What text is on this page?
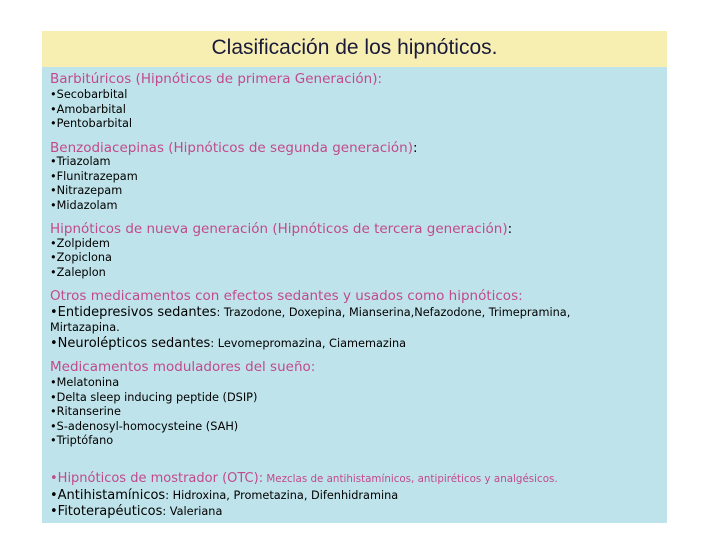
Clasificación de los hipnóticos.
Barbitúricos (Hipnóticos de primera Generación):
•Secobarbital
•Amobarbital
•Pentobarbital
Benzodiacepinas (Hipnóticos de segunda generación):
•Triazolam
•Flunitrazepam
•Nitrazepam
•Midazolam
Hipnóticos de nueva generación (Hipnóticos de tercera generación):
•Zolpidem
•Zopiclona
•Zaleplon
Otros medicamentos con efectos sedantes y usados como hipnóticos:
•Entidepresivos sedantes: Trazodone, Doxepina, Mianserina,Nefazodone, Trimepramina,
Mirtazapina.
•Neurolépticos sedantes: Levomepromazina, Ciamemazina
Medicamentos moduladores del sueño:
•Melatonina
•Delta sleep inducing peptide (DSIP)
•Ritanserine
•S-adenosyl-homocysteine (SAH)
•Triptófano
•Hipnóticos de mostrador (OTC): Mezclas de antihistamínicos, antipiréticos y analgésicos.
•Antihistamínicos: Hidroxina, Prometazina, Difenhidramina
•Fitoterapéuticos: Valeriana
